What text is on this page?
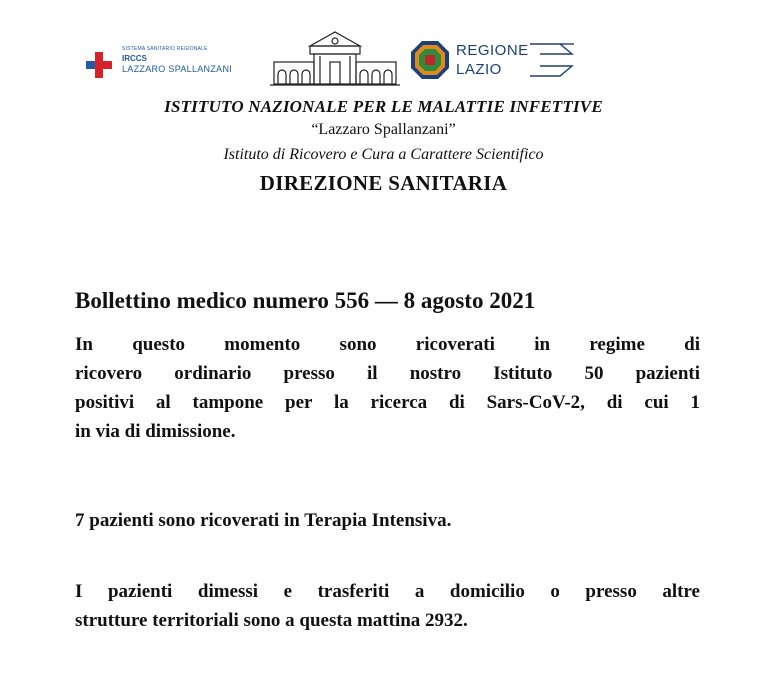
SISTEMA SANITARIO REGIONALE
IRCCS
LAZZARO SPALLANZANI
REGIONE
LAZIO
ISTITUTO NAZIONALE PER LE MALATTIE INFETTIVE
“Lazzaro Spallanzani”
Istituto di Ricovero e Cura a Carattere Scientifico
DIREZIONE SANITARIA
Bollettino medico numero 556 — 8 agosto 2021
In questo momento sono ricoverati in regime di
ricovero ordinario presso il nostro Istituto 50 pazienti
positivi al tampone per la ricerca di Sars-CoV-2, di cui 1
in via di dimissione.
7 pazienti sono ricoverati in Terapia Intensiva.
I pazienti dimessi e trasferiti a domicilio o presso altre
strutture territoriali sono a questa mattina 2932.
